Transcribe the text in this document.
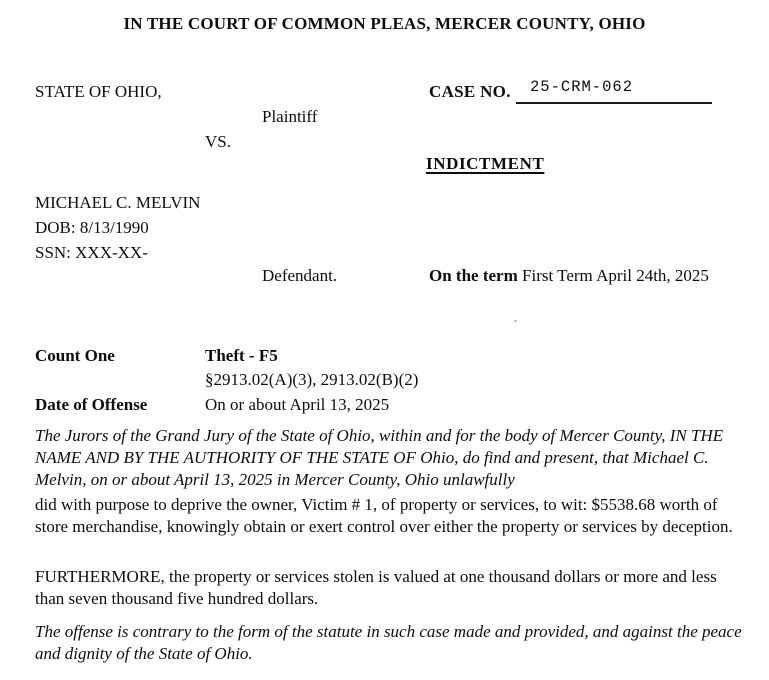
IN THE COURT OF COMMON PLEAS, MERCER COUNTY, OHIO
STATE OF OHIO,	CASE NO. 25-CRM-062
Plaintiff
VS.
INDICTMENT
MICHAEL C. MELVIN
DOB: 8/13/1990
SSN: XXX-XX-
Defendant.	On the term First Term April 24th, 2025
Count One	Theft - F5
§2913.02(A)(3), 2913.02(B)(2)
Date of Offense	On or about April 13, 2025
The Jurors of the Grand Jury of the State of Ohio, within and for the body of Mercer County, IN THE NAME AND BY THE AUTHORITY OF THE STATE OF Ohio, do find and present, that Michael C. Melvin, on or about April 13, 2025 in Mercer County, Ohio unlawfully
did with purpose to deprive the owner, Victim # 1, of property or services, to wit: $5538.68 worth of store merchandise, knowingly obtain or exert control over either the property or services by deception.
FURTHERMORE, the property or services stolen is valued at one thousand dollars or more and less than seven thousand five hundred dollars.
The offense is contrary to the form of the statute in such case made and provided, and against the peace and dignity of the State of Ohio.
